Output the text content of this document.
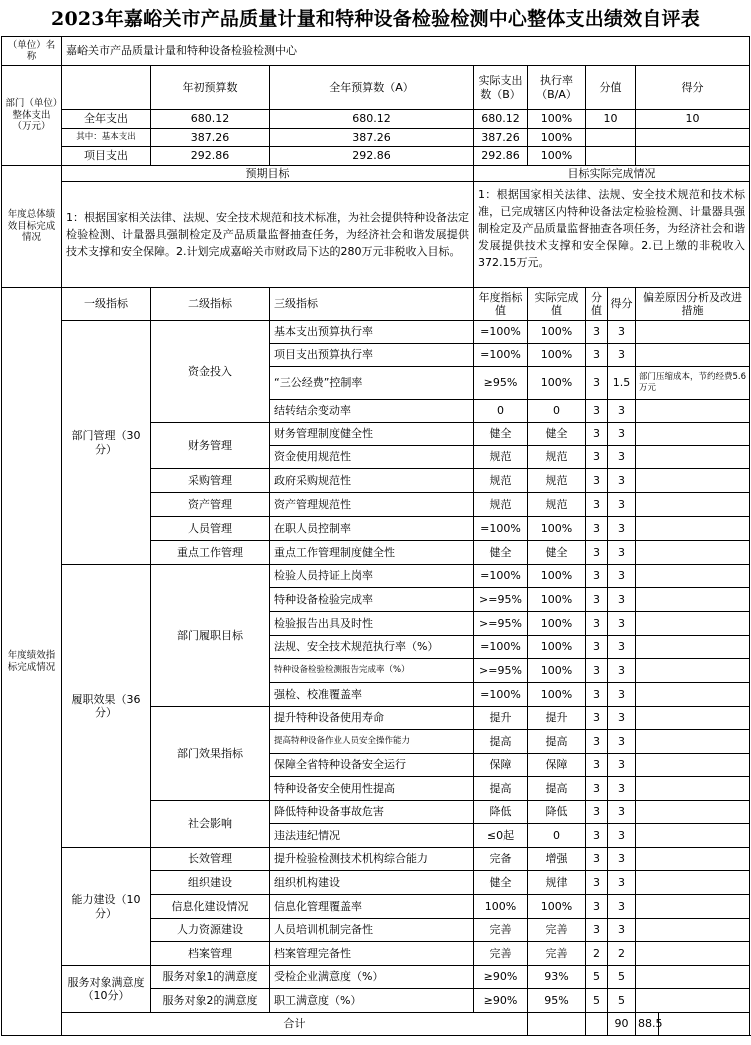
2023年嘉峪关市产品质量计量和特种设备检验检测中心整体支出绩效自评表
（单位）名称	嘉峪关市产品质量计量和特种设备检验检测中心								
部门（单位）整体支出（万元）		年初预算数	全年预算数（A）	实际支出数（B）	执行率（B/A）	分值		得分	
	全年支出	680.12	680.12	680.12	100%	10		10	
	其中：基本支出	387.26	387.26	387.26	100%				
	项目支出	292.86	292.86	292.86	100%				
年度总体绩效目标完成情况	预期目标			目标实际完成情况					
	1：根据国家相关法律、法规、安全技术规范和技术标准，为社会提供特种设备法定检验检测、计量器具强制检定及产品质量监督抽查任务，为经济社会和谐发展提供技术支撑和安全保障。2.计划完成嘉峪关市财政局下达的280万元非税收入目标。			1：根据国家相关法律、法规、安全技术规范和技术标准，已完成辖区内特种设备法定检验检测、计量器具强制检定及产品质量监督抽查各项任务，为经济社会和谐发展提供技术支撑和安全保障。2.已上缴的非税收入372.15万元。					
年度绩效指标完成情况	一级指标	二级指标	三级指标	年度指标值	实际完成值	分值	得分	偏差原因分析及改进措施	
	部门管理（30分）	资金投入	基本支出预算执行率	=100%	100%	3	3		
			项目支出预算执行率	=100%	100%	3	3		
			“三公经费”控制率	≥95%	100%	3	1.5	部门压缩成本，节约经费5.6万元	
			结转结余变动率	0	0	3	3		
		财务管理	财务管理制度健全性	健全	健全	3	3		
			资金使用规范性	规范	规范	3	3		
		采购管理	政府采购规范性	规范	规范	3	3		
		资产管理	资产管理规范性	规范	规范	3	3		
		人员管理	在职人员控制率	=100%	100%	3	3		
		重点工作管理	重点工作管理制度健全性	健全	健全	3	3		
	履职效果（36分）	部门履职目标	检验人员持证上岗率	=100%	100%	3	3		
			特种设备检验完成率	>=95%	100%	3	3		
			检验报告出具及时性	>=95%	100%	3	3		
			法规、安全技术规范执行率（%）	=100%	100%	3	3		
			特种设备检验检测报告完成率（%）	>=95%	100%	3	3		
			强检、校准覆盖率	=100%	100%	3	3		
		部门效果指标	提升特种设备使用寿命	提升	提升	3	3		
			提高特种设备作业人员安全操作能力	提高	提高	3	3		
			保障全省特种设备安全运行	保障	保障	3	3		
			特种设备安全使用性提高	提高	提高	3	3		
		社会影响	降低特种设备事故危害	降低	降低	3	3		
			违法违纪情况	≤0起	0	3	3		
	能力建设（10分）	长效管理	提升检验检测技术机构综合能力	完备	增强	3	3		
		组织建设	组织机构建设	健全	规律	3	3		
		信息化建设情况	信息化管理覆盖率	100%	100%	3	3		
		人力资源建设	人员培训机制完备性	完善	完善	3	3		
		档案管理	档案管理完备性	完善	完善	2	2		
	服务对象满意度（10分）	服务对象1的满意度	受检企业满意度（%）	≥90%	93%	5	5		
		服务对象2的满意度	职工满意度（%）	≥90%	95%	5	5		
	合计						90	88.5	
